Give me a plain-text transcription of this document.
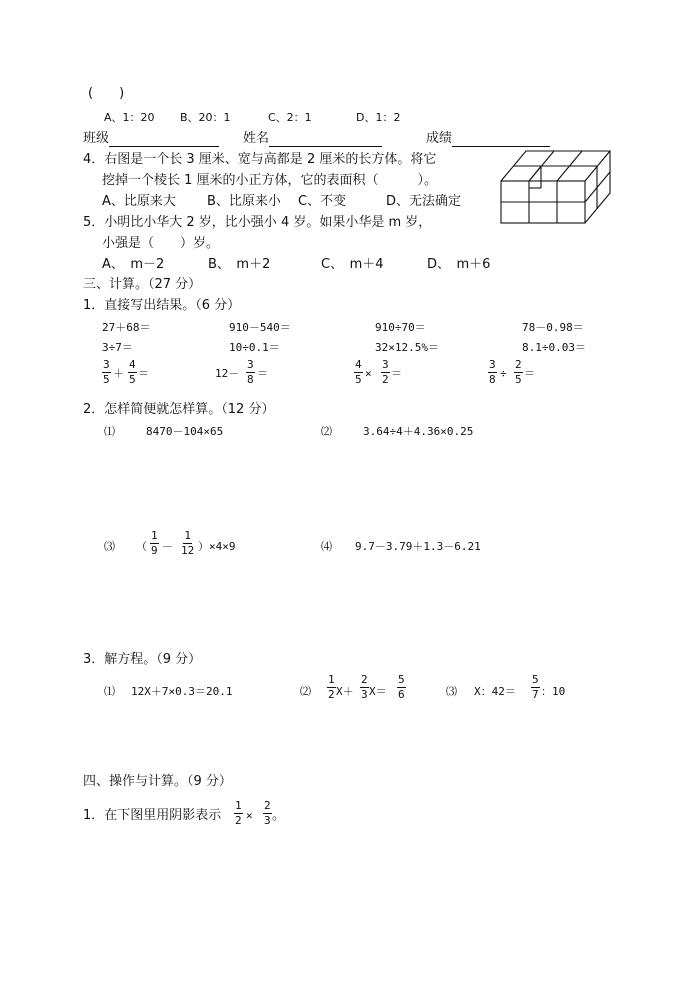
(　　)
A、1：20 B、20：1	C、2：1	D、1：2
班级	姓名	成绩
4．右图是一个长 3 厘米、宽与高都是 2 厘米的长方体。将它
挖掉一个棱长 1 厘米的小正方体，它的表面积（　　　）。
A、比原来大 B、比原来小 C、不变	D、无法确定
5．小明比小华大 2 岁，比小强小 4 岁。如果小华是 m 岁，
小强是（　　）岁。
A、　m－2	B、　m＋2	C、　m＋4	D、　m＋6
三、计算。（27 分）
1．直接写出结果。（6 分）
27＋68＝	910－540＝	910÷70＝	78－0.98＝
3÷7＝	10÷0.1＝	32×12.5%＝	8.1÷0.03＝
$\frac{3}{5} + \frac{4}{5}$ ＝	$12- \frac{3}{8}$ ＝	$\frac{4}{5} \times \frac{3}{2}$ ＝	$\frac{3}{8} \div \frac{2}{5}$ ＝
2．怎样简便就怎样算。（12 分）
⑴	8470－104×65	⑵	3.64÷4＋4.36×0.25
⑶ （ $\frac{1}{9} - \frac{1}{12} )\times 4\times 9$	⑷ 9.7－3.79＋1.3－6.21
3．解方程。（9 分）
⑴ 12X＋7×0.3＝20.1	⑵ $\frac{1}{2} X+ \frac{2}{3} X= \frac{5}{6}$	⑶ X：$42= \frac{5}{7}$ ：10
四、操作与计算。（9 分）
1．在下图里用阴影表示 $\frac{1}{2} \times \frac{2}{3}$ 。
